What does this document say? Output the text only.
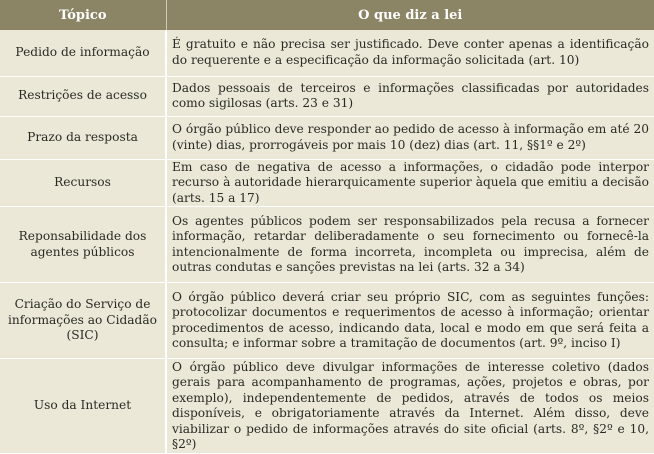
Tópico	O que diz a lei
Pedido de informação	É gratuito e não precisa ser justificado. Deve conter apenas a identificação do requerente e a especificação da informação solicitada (art. 10)
Restrições de acesso	Dados pessoais de terceiros e informações classificadas por autoridades como sigilosas (arts. 23 e 31)
Prazo da resposta	O órgão público deve responder ao pedido de acesso à informação em até 20 (vinte) dias, prorrogáveis por mais 10 (dez) dias (art. 11, §§1º e 2º)
Recursos	Em caso de negativa de acesso a informações, o cidadão pode interpor recurso à autoridade hierarquicamente superior àquela que emitiu a decisão (arts. 15 a 17)
Reponsabilidade dos agentes públicos	Os agentes públicos podem ser responsabilizados pela recusa a fornecer informação, retardar deliberadamente o seu fornecimento ou fornecê-la intencionalmente de forma incorreta, incompleta ou imprecisa, além de outras condutas e sanções previstas na lei (arts. 32 a 34)
Criação do Serviço de informações ao Cidadão (SIC)	O órgão público deverá criar seu próprio SIC, com as seguintes funções: protocolizar documentos e requerimentos de acesso à informação; orientar procedimentos de acesso, indicando data, local e modo em que será feita a consulta; e informar sobre a tramitação de documentos (art. 9º, inciso I)
Uso da Internet	O órgão público deve divulgar informações de interesse coletivo (dados gerais para acompanhamento de programas, ações, projetos e obras, por exemplo), independentemente de pedidos, através de todos os meios disponíveis, e obrigatoriamente através da Internet. Além disso, deve viabilizar o pedido de informações através do site oficial (arts. 8º, §2º e 10, §2º)
